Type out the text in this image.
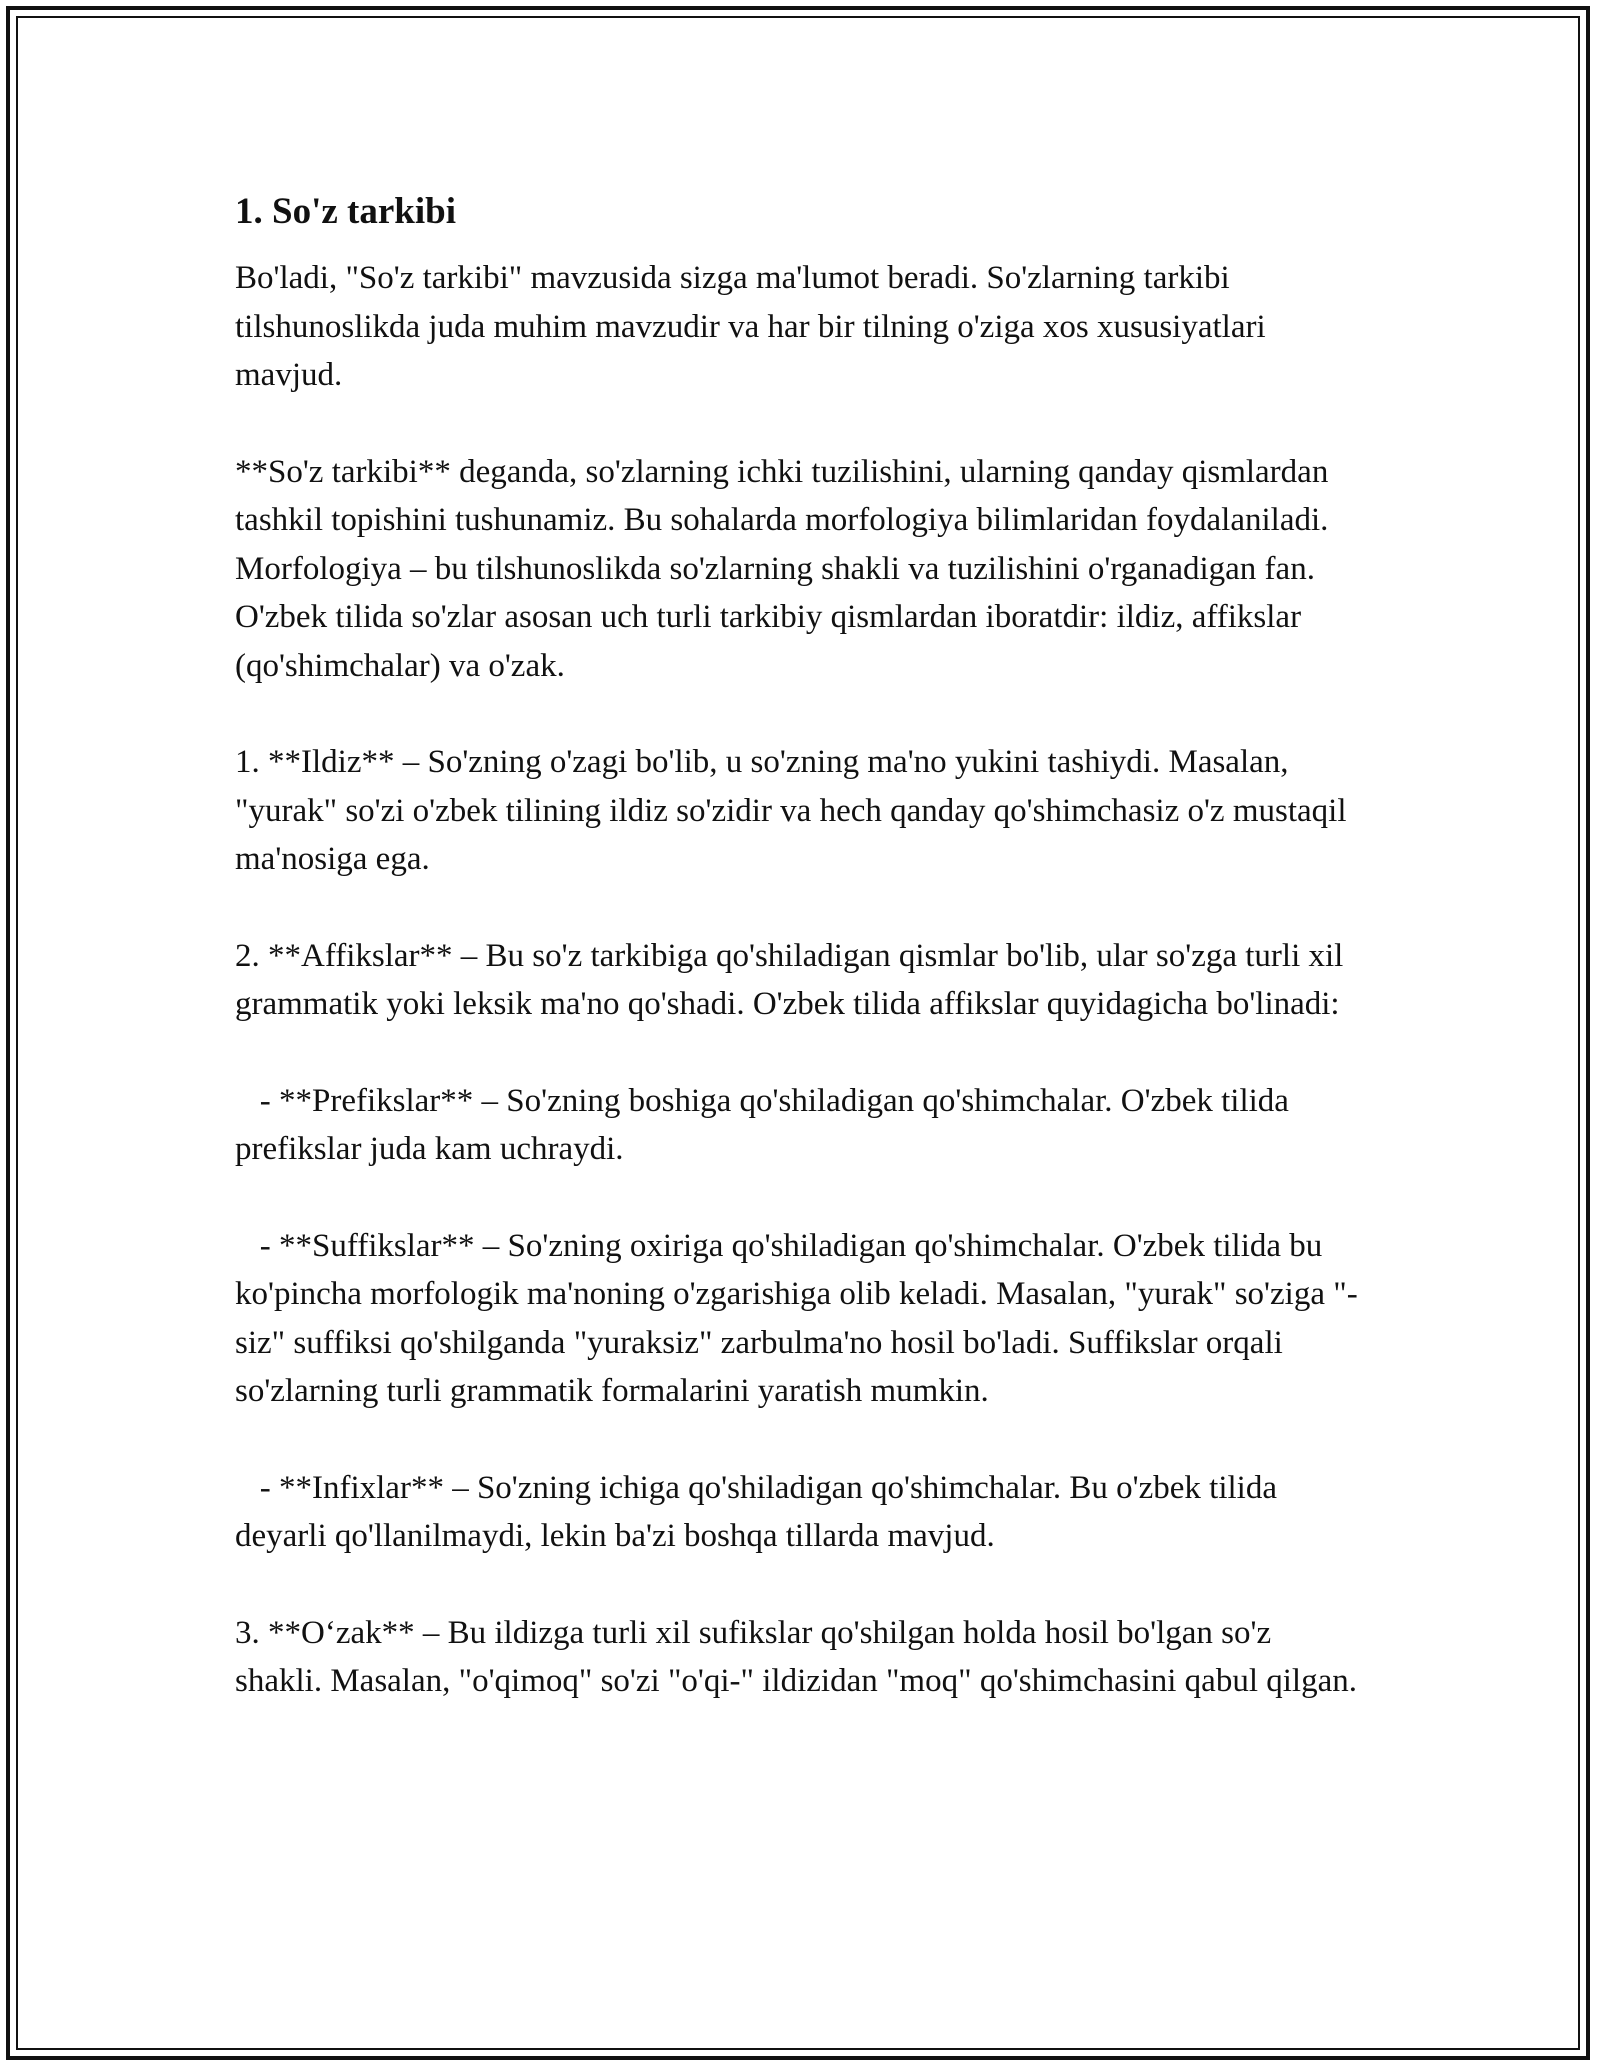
1. So'z tarkibi

Bo'ladi, "So'z tarkibi" mavzusida sizga ma'lumot beradi. So'zlarning tarkibi tilshunoslikda juda muhim mavzudir va har bir tilning o'ziga xos xususiyatlari mavjud.

**So'z tarkibi** deganda, so'zlarning ichki tuzilishini, ularning qanday qismlardan tashkil topishini tushunamiz. Bu sohalarda morfologiya bilimlaridan foydalaniladi. Morfologiya – bu tilshunoslikda so'zlarning shakli va tuzilishini o'rganadigan fan. O'zbek tilida so'zlar asosan uch turli tarkibiy qismlardan iboratdir: ildiz, affikslar (qo'shimchalar) va o'zak.

1. **Ildiz** – So'zning o'zagi bo'lib, u so'zning ma'no yukini tashiydi. Masalan, "yurak" so'zi o'zbek tilining ildiz so'zidir va hech qanday qo'shimchasiz o'z mustaqil ma'nosiga ega.

2. **Affikslar** – Bu so'z tarkibiga qo'shiladigan qismlar bo'lib, ular so'zga turli xil grammatik yoki leksik ma'no qo'shadi. O'zbek tilida affikslar quyidagicha bo'linadi:

- **Prefikslar** – So'zning boshiga qo'shiladigan qo'shimchalar. O'zbek tilida prefikslar juda kam uchraydi.

- **Suffikslar** – So'zning oxiriga qo'shiladigan qo'shimchalar. O'zbek tilida bu ko'pincha morfologik ma'noning o'zgarishiga olib keladi. Masalan, "yurak" so'ziga "-siz" suffiksi qo'shilganda "yuraksiz" zarbulma'no hosil bo'ladi. Suffikslar orqali so'zlarning turli grammatik formalarini yaratish mumkin.

- **Infixlar** – So'zning ichiga qo'shiladigan qo'shimchalar. Bu o'zbek tilida deyarli qo'llanilmaydi, lekin ba'zi boshqa tillarda mavjud.

3. **O‘zak** – Bu ildizga turli xil sufikslar qo'shilgan holda hosil bo'lgan so'z shakli. Masalan, "o'qimoq" so'zi "o'qi-" ildizidan "moq" qo'shimchasini qabul qilgan.
